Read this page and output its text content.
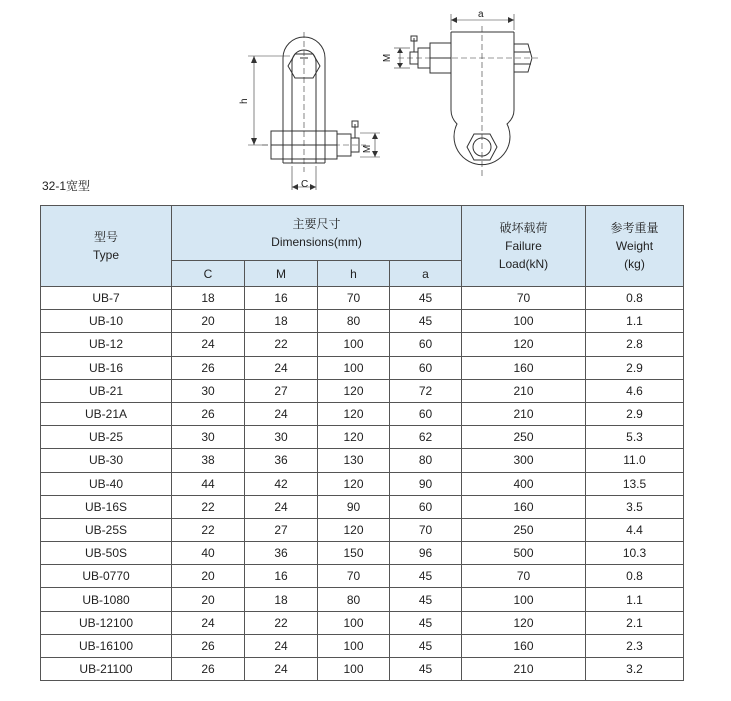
h
C
M
a
M
32-1宽型
型号
Type	主要尺寸
Dimensions(mm)				破坏载荷
Failure
Load(kN)	参考重量
Weight
(kg)

	C	M	h	a		
UB-7	18	16	70	45	70	0.8
UB-10	20	18	80	45	100	1.1
UB-12	24	22	100	60	120	2.8
UB-16	26	24	100	60	160	2.9
UB-21	30	27	120	72	210	4.6
UB-21A	26	24	120	60	210	2.9
UB-25	30	30	120	62	250	5.3
UB-30	38	36	130	80	300	11.0
UB-40	44	42	120	90	400	13.5
UB-16S	22	24	90	60	160	3.5
UB-25S	22	27	120	70	250	4.4
UB-50S	40	36	150	96	500	10.3
UB-0770	20	16	70	45	70	0.8
UB-1080	20	18	80	45	100	1.1
UB-12100	24	22	100	45	120	2.1
UB-16100	26	24	100	45	160	2.3
UB-21100	26	24	100	45	210	3.2
